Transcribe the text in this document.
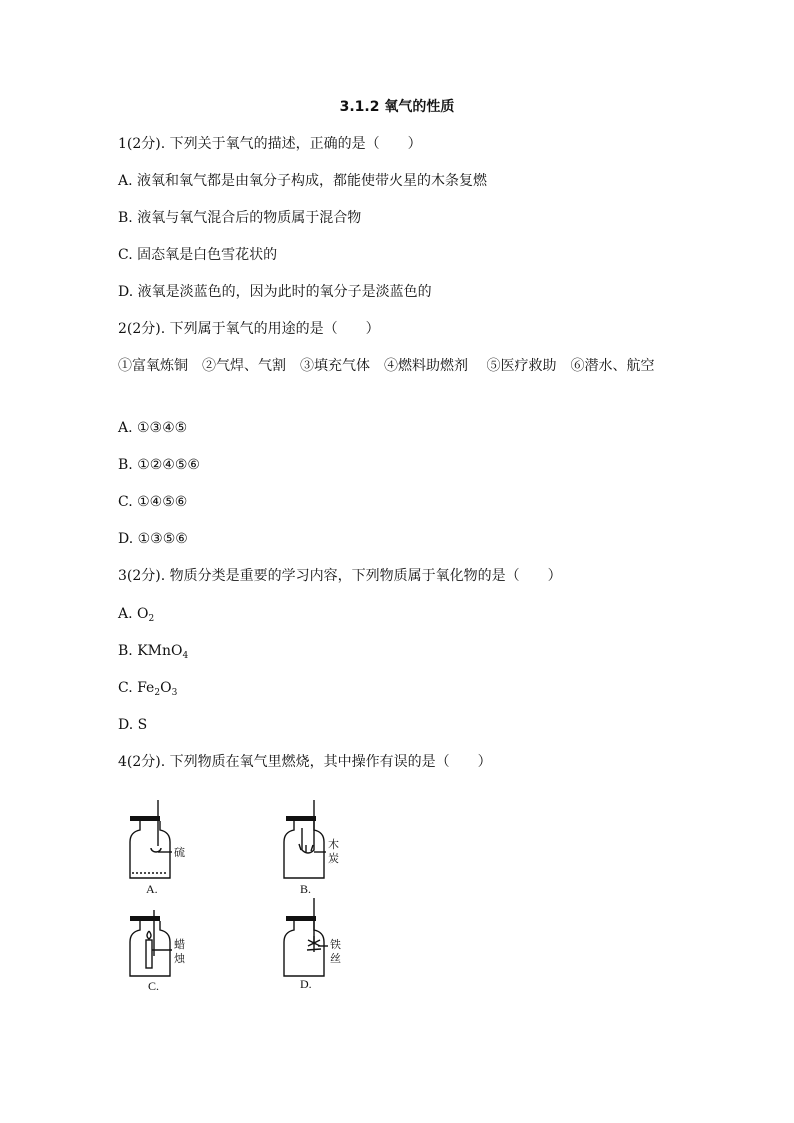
3.1.2 氧气的性质
1(2分). 下列关于氧气的描述，正确的是（　　）
A. 液氧和氧气都是由氧分子构成，都能使带火星的木条复燃
B. 液氧与氧气混合后的物质属于混合物
C. 固态氧是白色雪花状的
D. 液氧是淡蓝色的，因为此时的氧分子是淡蓝色的
2(2分). 下列属于氧气的用途的是（　　）
①富氧炼铜　②气焊、气割　③填充气体　④燃料助燃剂　 ⑤医疗救助　⑥潜水、航空
A. ①③④⑤
B. ①②④⑤⑥
C. ①④⑤⑥
D. ①③⑤⑥
3(2分). 物质分类是重要的学习内容，下列物质属于氧化物的是（　　）
A. $O_2$
B. KMnO$_4$
C. $Fe_2O_3$
D. S
4(2分). 下列物质在氧气里燃烧，其中操作有误的是（　　）
硫
A.
木
炭
B.
蜡
烛
C.
铁
丝
D.
